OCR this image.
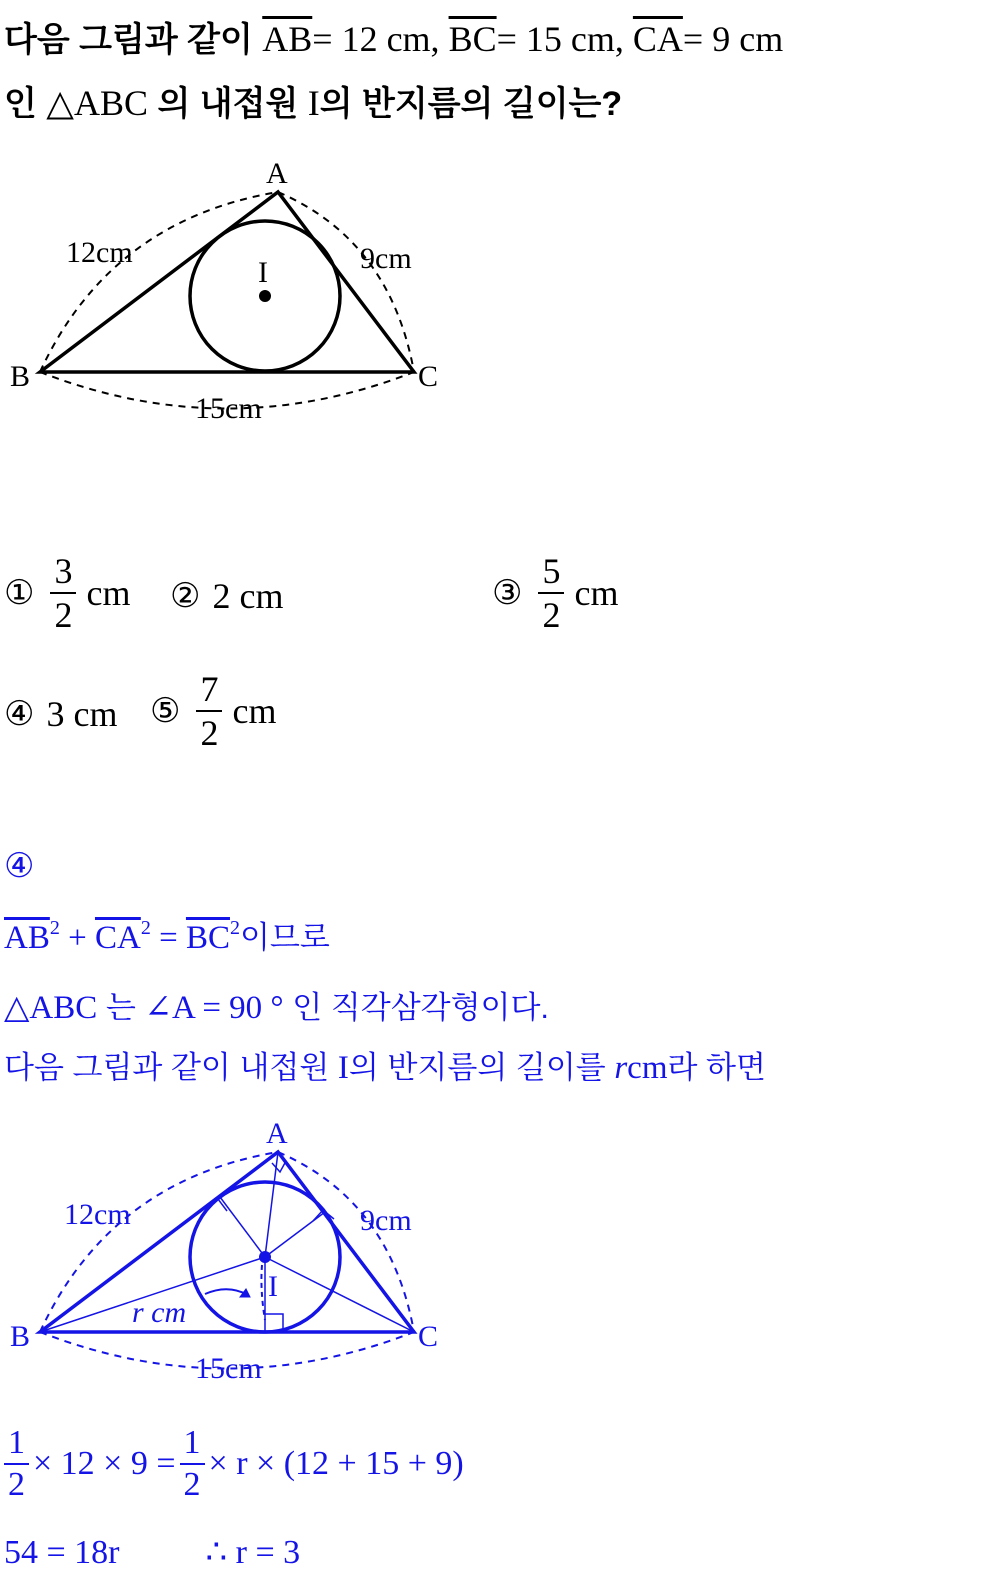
다음 그림과 같이 $\overline{AB}= 12$ cm, $\overline{BC}= 15$ cm, $\overline{CA}= 9$ cm
인 △ABC 의 내접원 I의 반지름의 길이는?
A
B	C
I
12cm	9cm
15cm
① $\frac{3}{2}$ cm ② 2 cm	③ $\frac{5}{2}$ cm
④ 3 cm ⑤ $\frac{7}{2}$ cm
④
$\overline{AB}^2 + \overline{CA}^2 = \overline{BC}^2$이므로
△ABC 는 ∠A = 90 ° 인 직각삼각형이다.
다음 그림과 같이 내접원 I의 반지름의 길이를 rcm라 하면
A
B	C
I
12cm	9cm
15cm
r cm
$\frac{1}{2} \times 12 \times 9 = \frac{1}{2} \times r \times (12 + 15 + 9)$
54 = 18r	∴ r = 3
